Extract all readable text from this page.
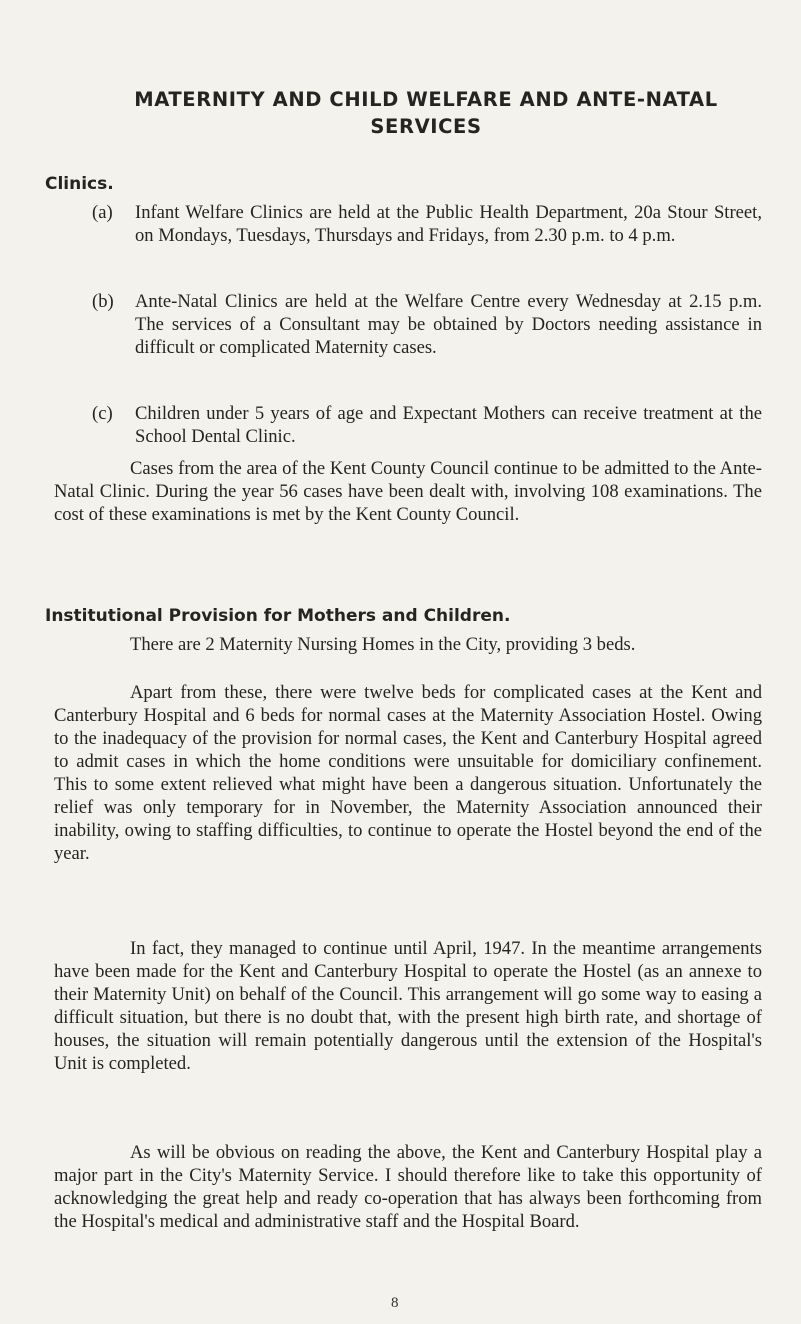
MATERNITY AND CHILD WELFARE AND ANTE-NATAL
SERVICES
Clinics.
(a) Infant Welfare Clinics are held at the Public Health Department, 20a Stour Street, on Mondays, Tuesdays, Thursdays and Fridays, from 2.30 p.m. to 4 p.m.
(b) Ante-Natal Clinics are held at the Welfare Centre every Wednesday at 2.15 p.m. The services of a Consultant may be obtained by Doctors needing assistance in difficult or complicated Maternity cases.
(c) Children under 5 years of age and Expectant Mothers can receive treatment at the School Dental Clinic.

Cases from the area of the Kent County Council continue to be admitted to the Ante-Natal Clinic. During the year 56 cases have been dealt with, involving 108 examinations. The cost of these examinations is met by the Kent County Council.

Institutional Provision for Mothers and Children.

There are 2 Maternity Nursing Homes in the City, providing 3 beds.

Apart from these, there were twelve beds for complicated cases at the Kent and Canterbury Hospital and 6 beds for normal cases at the Maternity Association Hostel. Owing to the inadequacy of the provision for normal cases, the Kent and Canterbury Hospital agreed to admit cases in which the home conditions were unsuitable for domiciliary confinement. This to some extent relieved what might have been a dangerous situation. Unfortunately the relief was only temporary for in November, the Maternity Association announced their inability, owing to staffing difficulties, to continue to operate the Hostel beyond the end of the year.

In fact, they managed to continue until April, 1947. In the meantime arrangements have been made for the Kent and Canterbury Hospital to operate the Hostel (as an annexe to their Maternity Unit) on behalf of the Council. This arrangement will go some way to easing a difficult situation, but there is no doubt that, with the present high birth rate, and shortage of houses, the situation will remain potentially dangerous until the extension of the Hospital's Unit is completed.

As will be obvious on reading the above, the Kent and Canterbury Hospital play a major part in the City's Maternity Service. I should therefore like to take this opportunity of acknowledging the great help and ready co-operation that has always been forthcoming from the Hospital's medical and administrative staff and the Hospital Board.

8
